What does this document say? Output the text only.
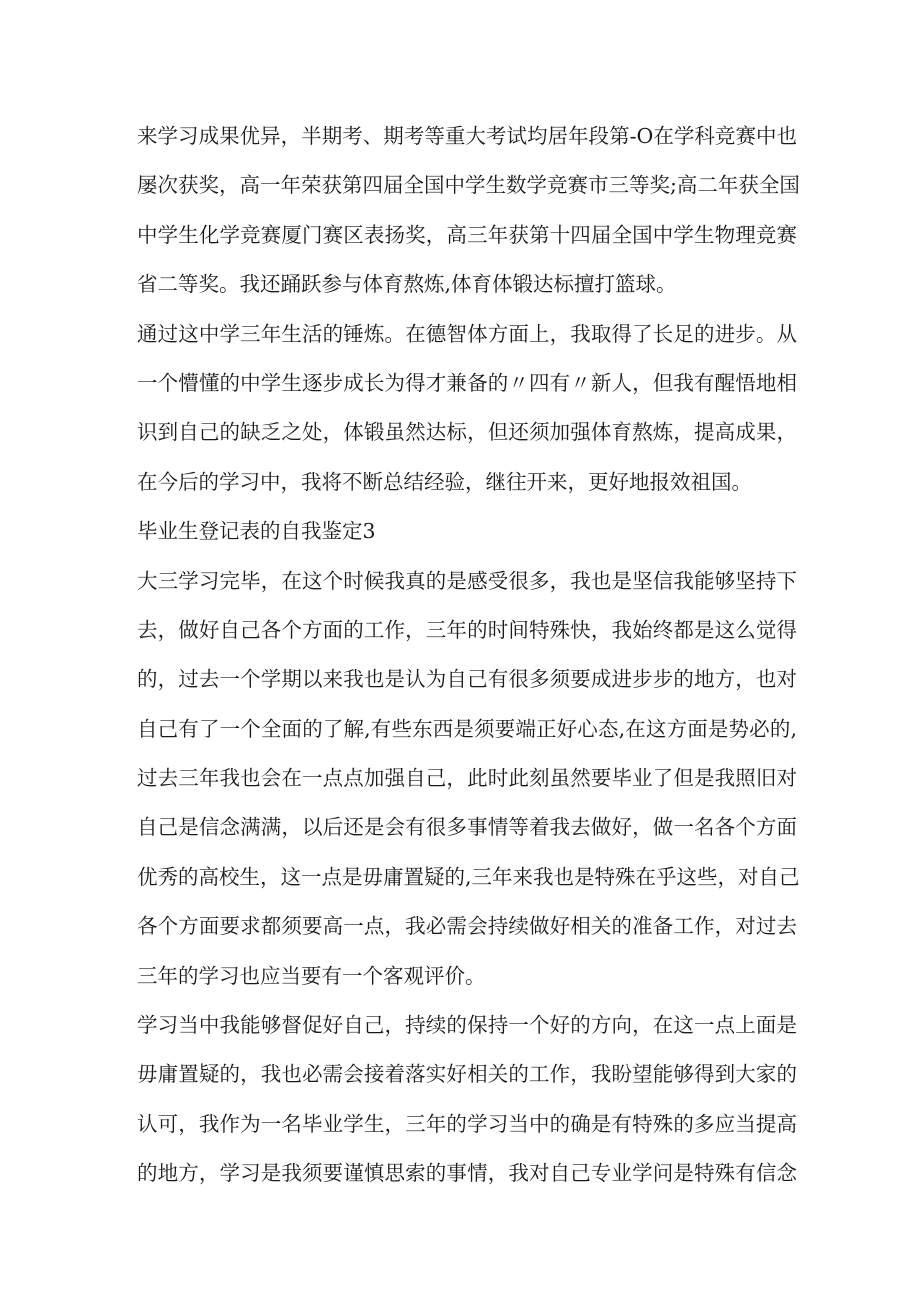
来学习成果优异，半期考、期考等重大考试均居年段第-O在学科竞赛中也
屡次获奖，高一年荣获第四届全国中学生数学竞赛市三等奖;高二年获全国
中学生化学竞赛厦门赛区表扬奖，高三年获第十四届全国中学生物理竞赛
省二等奖。我还踊跃参与体育熬炼,体育体锻达标擅打篮球。
通过这中学三年生活的锤炼。在德智体方面上，我取得了长足的进步。从
一个懵懂的中学生逐步成长为得才兼备的〃四有〃新人，但我有醒悟地相
识到自己的缺乏之处，体锻虽然达标，但还须加强体育熬炼，提高成果，
在今后的学习中，我将不断总结经验，继往开来，更好地报效祖国。
毕业生登记表的自我鉴定3
大三学习完毕，在这个时候我真的是感受很多，我也是坚信我能够坚持下
去，做好自己各个方面的工作，三年的时间特殊快，我始终都是这么觉得
的，过去一个学期以来我也是认为自己有很多须要成进步步的地方，也对
自己有了一个全面的了解,有些东西是须要端正好心态,在这方面是势必的,
过去三年我也会在一点点加强自己，此时此刻虽然要毕业了但是我照旧对
自己是信念满满，以后还是会有很多事情等着我去做好，做一名各个方面
优秀的高校生，这一点是毋庸置疑的,三年来我也是特殊在乎这些，对自己
各个方面要求都须要高一点，我必需会持续做好相关的准备工作，对过去
三年的学习也应当要有一个客观评价。
学习当中我能够督促好自己，持续的保持一个好的方向，在这一点上面是
毋庸置疑的，我也必需会接着落实好相关的工作，我盼望能够得到大家的
认可，我作为一名毕业学生，三年的学习当中的确是有特殊的多应当提高
的地方，学习是我须要谨慎思索的事情，我对自己专业学问是特殊有信念
